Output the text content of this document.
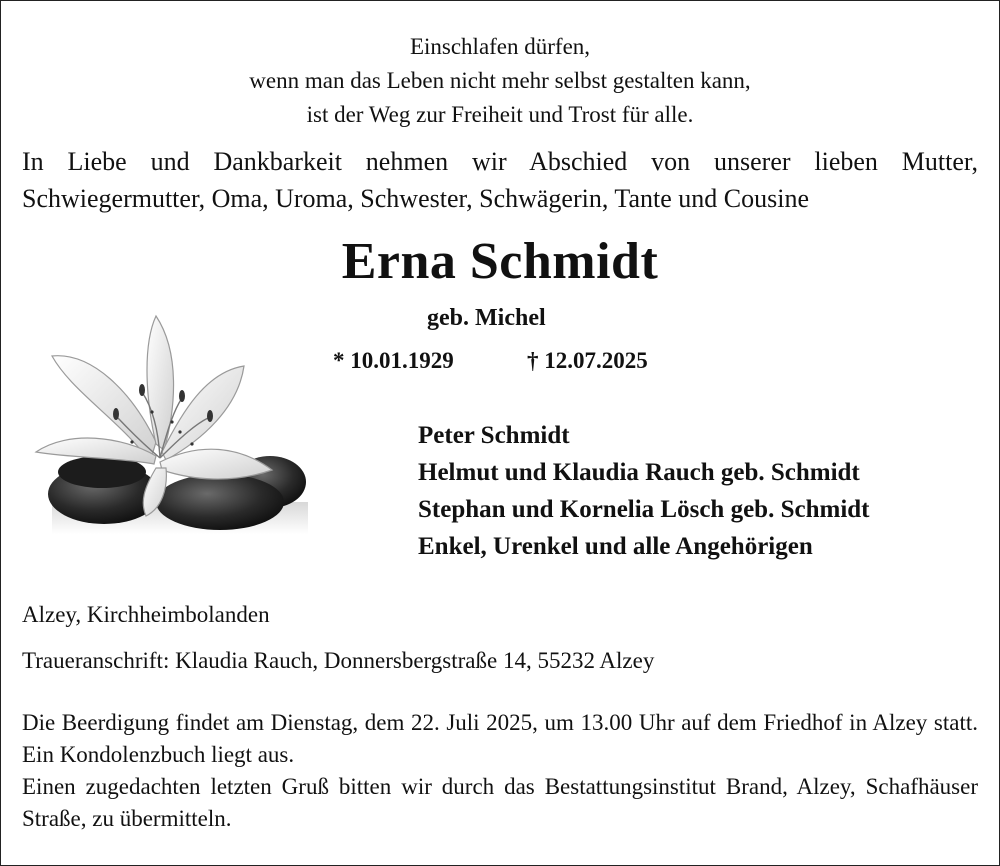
Einschlafen dürfen,
wenn man das Leben nicht mehr selbst gestalten kann,
ist der Weg zur Freiheit und Trost für alle.
In Liebe und Dankbarkeit nehmen wir Abschied von unserer lieben Mutter,
Schwiegermutter, Oma, Uroma, Schwester, Schwägerin, Tante und Cousine
Erna Schmidt
geb. Michel
* 10.01.1929	† 12.07.2025
Peter Schmidt
Helmut und Klaudia Rauch geb. Schmidt
Stephan und Kornelia Lösch geb. Schmidt
Enkel, Urenkel und alle Angehörigen
Alzey, Kirchheimbolanden
Traueranschrift: Klaudia Rauch, Donnersbergstraße 14, 55232 Alzey
Die Beerdigung findet am Dienstag, dem 22. Juli 2025, um 13.00 Uhr auf dem Friedhof in Alzey statt. Ein Kondolenzbuch liegt aus.
Einen zugedachten letzten Gruß bitten wir durch das Bestattungsinstitut Brand, Alzey, Schafhäuser Straße, zu übermitteln.
